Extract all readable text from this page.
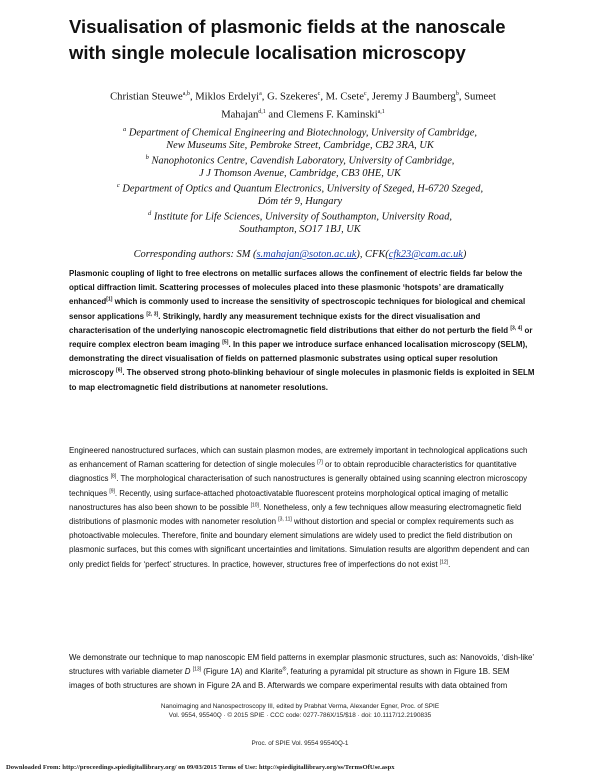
Visualisation of plasmonic fields at the nanoscale with single molecule localisation microscopy
Christian Steuwe$^{a,b}$, Miklos Erdelyi$^a$, G. Szekeres$^c$, M. Csete$^c$, Jeremy J Baumberg$^b$, Sumeet Mahajan$^{d,1}$ and Clemens F. Kaminski$^{a,1}$
$^a$ Department of Chemical Engineering and Biotechnology, University of Cambridge,
New Museums Site, Pembroke Street, Cambridge, CB2 3RA, UK
$^b$ Nanophotonics Centre, Cavendish Laboratory, University of Cambridge,
J J Thomson Avenue, Cambridge, CB3 0HE, UK
$^c$ Department of Optics and Quantum Electronics, University of Szeged, H-6720 Szeged,
Dóm tér 9, Hungary
$^d$ Institute for Life Sciences, University of Southampton, University Road,
Southampton, SO17 1BJ, UK
Corresponding authors: SM (s.mahajan@soton.ac.uk), CFK(cfk23@cam.ac.uk)
Plasmonic coupling of light to free electrons on metallic surfaces allows the confinement of electric fields far below the optical diffraction limit. Scattering processes of molecules placed into these plasmonic ‘hotspots’ are dramatically enhanced[1] which is commonly used to increase the sensitivity of spectroscopic techniques for biological and chemical sensor applications [2, 3]. Strikingly, hardly any measurement technique exists for the direct visualisation and characterisation of the underlying nanoscopic electromagnetic field distributions that either do not perturb the field [3, 4] or require complex electron beam imaging [5]. In this paper we introduce surface enhanced localisation microscopy (SELM), demonstrating the direct visualisation of fields on patterned plasmonic substrates using optical super resolution microscopy [6]. The observed strong photo-blinking behaviour of single molecules in plasmonic fields is exploited in SELM to map electromagnetic field distributions at nanometer resolutions.
Engineered nanostructured surfaces, which can sustain plasmon modes, are extremely important in technological applications such as enhancement of Raman scattering for detection of single molecules [7] or to obtain reproducible characteristics for quantitative diagnostics [8]. The morphological characterisation of such nanostructures is generally obtained using scanning electron microscopy techniques [9]. Recently, using surface-attached photoactivatable fluorescent proteins morphological optical imaging of metallic nanostructures has also been shown to be possible [10]. Nonetheless, only a few techniques allow measuring electromagnetic field distributions of plasmonic modes with nanometer resolution [3, 11] without distortion and special or complex requirements such as photoactivable molecules. Therefore, finite and boundary element simulations are widely used to predict the field distribution on plasmonic surfaces, but this comes with significant uncertainties and limitations. Simulation results are algorithm dependent and can only predict fields for ‘perfect’ structures. In practice, however, structures free of imperfections do not exist [12].
We demonstrate our technique to map nanoscopic EM field patterns in exemplar plasmonic structures, such as: Nanovoids, ‘dish-like’ structures with variable diameter D [13] (Figure 1A) and Klarite®, featuring a pyramidal pit structure as shown in Figure 1B. SEM images of both structures are shown in Figure 2A and B. Afterwards we compare experimental results with data obtained from
Nanoimaging and Nanospectroscopy III, edited by Prabhat Verma, Alexander Egner, Proc. of SPIE
Vol. 9554, 95540Q · © 2015 SPIE · CCC code: 0277-786X/15/$18 · doi: 10.1117/12.2190835
Proc. of SPIE Vol. 9554 95540Q-1
Downloaded From: http://proceedings.spiedigitallibrary.org/ on 09/03/2015 Terms of Use: http://spiedigitallibrary.org/ss/TermsOfUse.aspx
